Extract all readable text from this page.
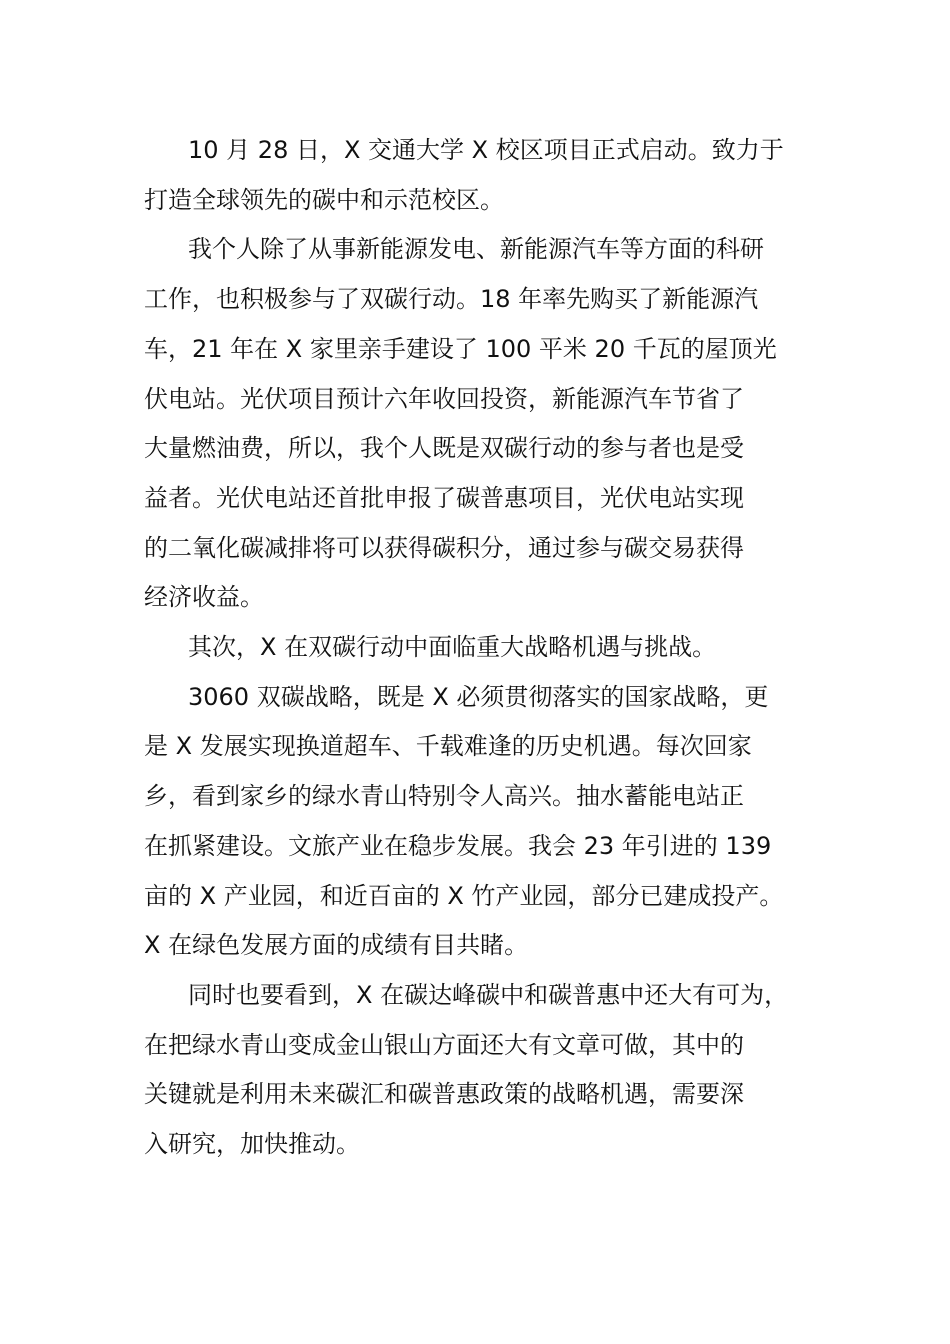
10 月 28 日，X 交通大学 X 校区项目正式启动。致力于
打造全球领先的碳中和示范校区。
我个人除了从事新能源发电、新能源汽车等方面的科研
工作，也积极参与了双碳行动。18 年率先购买了新能源汽
车，21 年在 X 家里亲手建设了 100 平米 20 千瓦的屋顶光
伏电站。光伏项目预计六年收回投资，新能源汽车节省了
大量燃油费，所以，我个人既是双碳行动的参与者也是受
益者。光伏电站还首批申报了碳普惠项目，光伏电站实现
的二氧化碳减排将可以获得碳积分，通过参与碳交易获得
经济收益。
其次，X 在双碳行动中面临重大战略机遇与挑战。
3060 双碳战略，既是 X 必须贯彻落实的国家战略，更
是 X 发展实现换道超车、千载难逢的历史机遇。每次回家
乡，看到家乡的绿水青山特别令人高兴。抽水蓄能电站正
在抓紧建设。文旅产业在稳步发展。我会 23 年引进的 139
亩的 X 产业园，和近百亩的 X 竹产业园，部分已建成投产。
X 在绿色发展方面的成绩有目共睹。
同时也要看到，X 在碳达峰碳中和碳普惠中还大有可为，
在把绿水青山变成金山银山方面还大有文章可做，其中的
关键就是利用未来碳汇和碳普惠政策的战略机遇，需要深
入研究，加快推动。
